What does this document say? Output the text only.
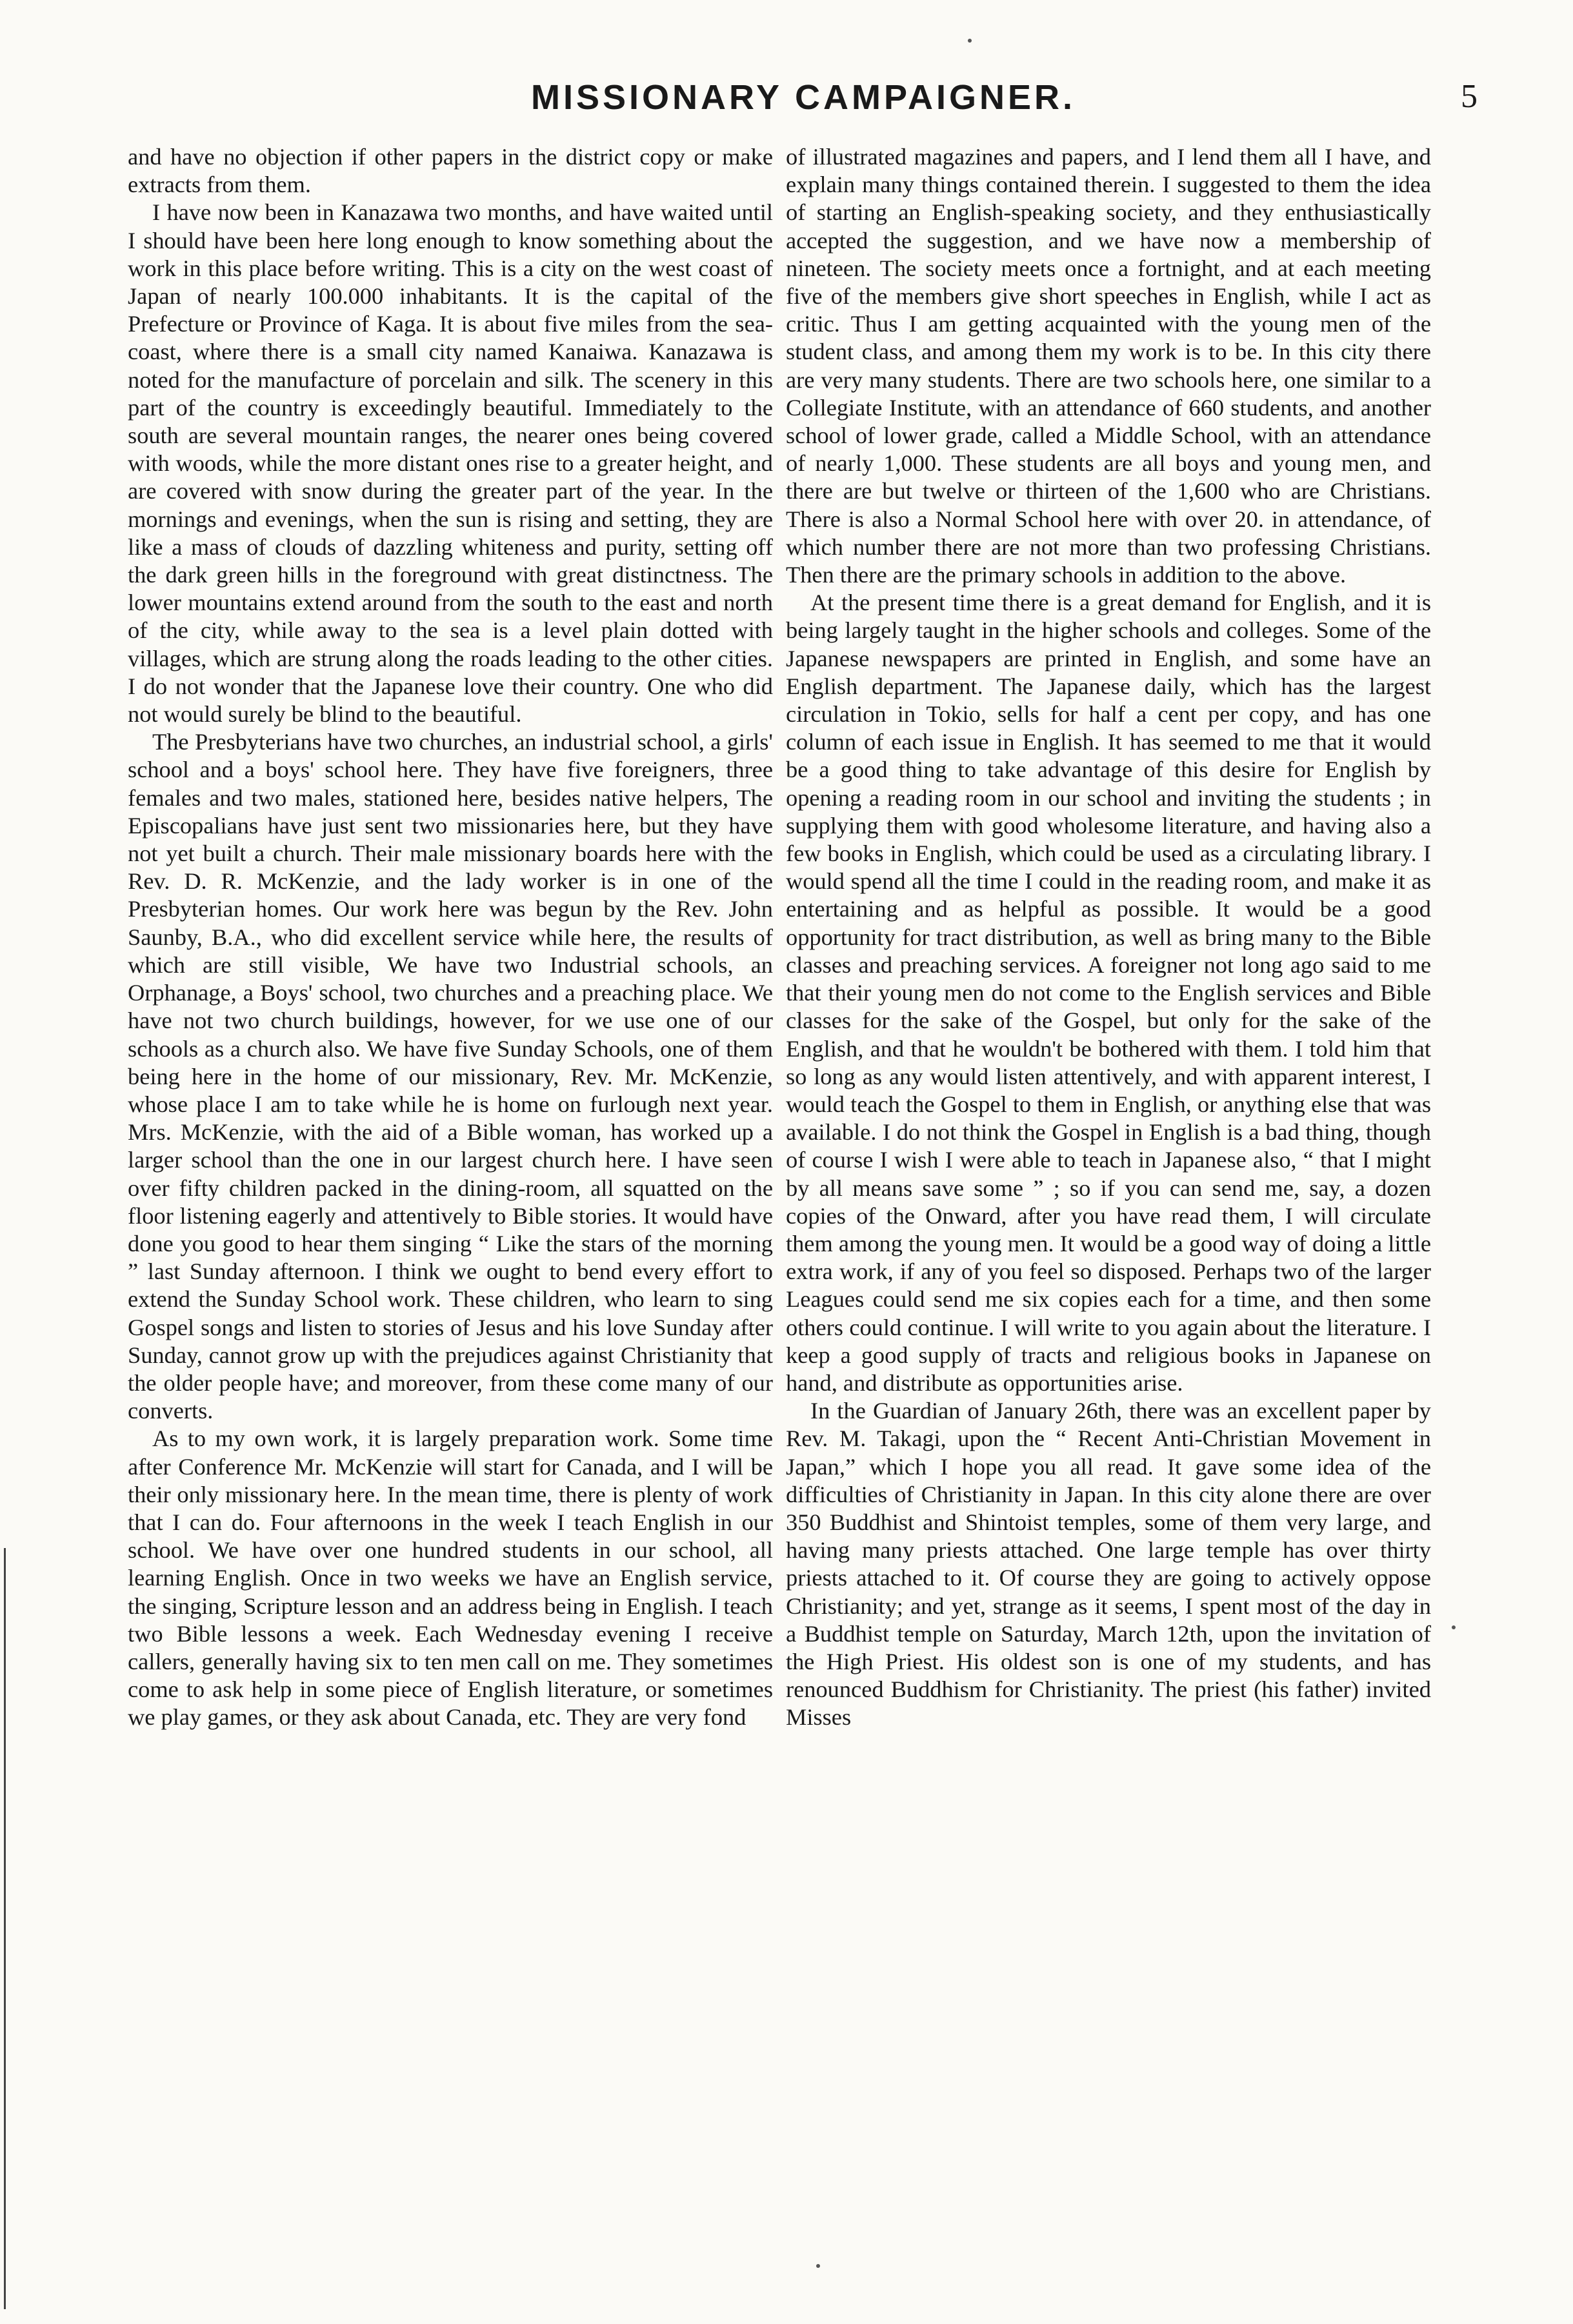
MISSIONARY CAMPAIGNER.	5

and have no objection if other papers in the district copy or make extracts from them.

I have now been in Kanazawa two months, and have waited until I should have been here long enough to know something about the work in this place before writing. This is a city on the west coast of Japan of nearly 100.000 inhabitants. It is the capital of the Prefecture or Province of Kaga. It is about five miles from the sea-coast, where there is a small city named Kanaiwa. Kanazawa is noted for the manufacture of porcelain and silk. The scenery in this part of the country is exceedingly beautiful. Immediately to the south are several mountain ranges, the nearer ones being covered with woods, while the more distant ones rise to a greater height, and are covered with snow during the greater part of the year. In the mornings and evenings, when the sun is rising and setting, they are like a mass of clouds of dazzling whiteness and purity, setting off the dark green hills in the foreground with great distinctness. The lower mountains extend around from the south to the east and north of the city, while away to the sea is a level plain dotted with villages, which are strung along the roads leading to the other cities. I do not wonder that the Japanese love their country. One who did not would surely be blind to the beautiful.

The Presbyterians have two churches, an industrial school, a girls' school and a boys' school here. They have five foreigners, three females and two males, stationed here, besides native helpers, The Episcopalians have just sent two missionaries here, but they have not yet built a church. Their male missionary boards here with the Rev. D. R. McKenzie, and the lady worker is in one of the Presbyterian homes. Our work here was begun by the Rev. John Saunby, B.A., who did excellent service while here, the results of which are still visible, We have two Industrial schools, an Orphanage, a Boys' school, two churches and a preaching place. We have not two church buildings, however, for we use one of our schools as a church also. We have five Sunday Schools, one of them being here in the home of our missionary, Rev. Mr. McKenzie, whose place I am to take while he is home on furlough next year. Mrs. McKenzie, with the aid of a Bible woman, has worked up a larger school than the one in our largest church here. I have seen over fifty children packed in the dining-room, all squatted on the floor listening eagerly and attentively to Bible stories. It would have done you good to hear them singing “ Like the stars of the morning ” last Sunday afternoon. I think we ought to bend every effort to extend the Sunday School work. These children, who learn to sing Gospel songs and listen to stories of Jesus and his love Sunday after Sunday, cannot grow up with the prejudices against Christianity that the older people have; and moreover, from these come many of our converts.

As to my own work, it is largely preparation work. Some time after Conference Mr. McKenzie will start for Canada, and I will be their only missionary here. In the mean time, there is plenty of work that I can do. Four afternoons in the week I teach English in our school. We have over one hundred students in our school, all learning English. Once in two weeks we have an English service, the singing, Scripture lesson and an address being in English. I teach two Bible lessons a week. Each Wednesday evening I receive callers, generally having six to ten men call on me. They sometimes come to ask help in some piece of English literature, or sometimes we play games, or they ask about Canada, etc. They are very fond

of illustrated magazines and papers, and I lend them all I have, and explain many things contained therein. I suggested to them the idea of starting an English-speaking society, and they enthusiastically accepted the suggestion, and we have now a membership of nineteen. The society meets once a fortnight, and at each meeting five of the members give short speeches in English, while I act as critic. Thus I am getting acquainted with the young men of the student class, and among them my work is to be. In this city there are very many students. There are two schools here, one similar to a Collegiate Institute, with an attendance of 660 students, and another school of lower grade, called a Middle School, with an attendance of nearly 1,000. These students are all boys and young men, and there are but twelve or thirteen of the 1,600 who are Christians. There is also a Normal School here with over 20. in attendance, of which number there are not more than two professing Christians. Then there are the primary schools in addition to the above.

At the present time there is a great demand for English, and it is being largely taught in the higher schools and colleges. Some of the Japanese newspapers are printed in English, and some have an English department. The Japanese daily, which has the largest circulation in Tokio, sells for half a cent per copy, and has one column of each issue in English. It has seemed to me that it would be a good thing to take advantage of this desire for English by opening a reading room in our school and inviting the students ; in supplying them with good wholesome literature, and having also a few books in English, which could be used as a circulating library. I would spend all the time I could in the reading room, and make it as entertaining and as helpful as possible. It would be a good opportunity for tract distribution, as well as bring many to the Bible classes and preaching services. A foreigner not long ago said to me that their young men do not come to the English services and Bible classes for the sake of the Gospel, but only for the sake of the English, and that he wouldn't be bothered with them. I told him that so long as any would listen attentively, and with apparent interest, I would teach the Gospel to them in English, or anything else that was available. I do not think the Gospel in English is a bad thing, though of course I wish I were able to teach in Japanese also, “ that I might by all means save some ” ; so if you can send me, say, a dozen copies of the Onward, after you have read them, I will circulate them among the young men. It would be a good way of doing a little extra work, if any of you feel so disposed. Perhaps two of the larger Leagues could send me six copies each for a time, and then some others could continue. I will write to you again about the literature. I keep a good supply of tracts and religious books in Japanese on hand, and distribute as opportunities arise.

In the Guardian of January 26th, there was an excellent paper by Rev. M. Takagi, upon the “ Recent Anti-Christian Movement in Japan,” which I hope you all read. It gave some idea of the difficulties of Christianity in Japan. In this city alone there are over 350 Buddhist and Shintoist temples, some of them very large, and having many priests attached. One large temple has over thirty priests attached to it. Of course they are going to actively oppose Christianity; and yet, strange as it seems, I spent most of the day in a Buddhist temple on Saturday, March 12th, upon the invitation of the High Priest. His oldest son is one of my students, and has renounced Buddhism for Christianity. The priest (his father) invited Misses
